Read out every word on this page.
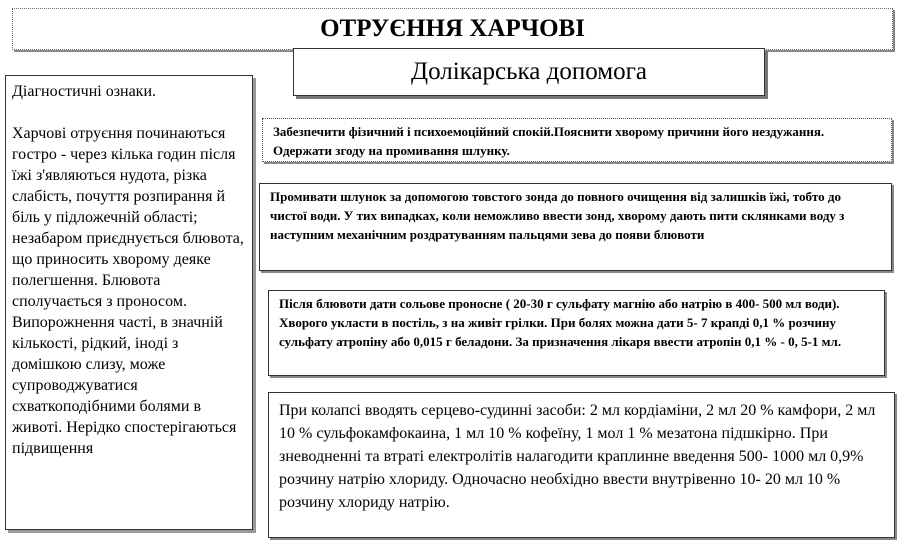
ОТРУЄННЯ ХАРЧОВІ
Долікарська допомога
Діагностичні ознаки.
Харчові отруєння починаються гостро - через кілька годин після їжі з'являються нудота, різка слабість, почуття розпирання й біль у підложечній області; незабаром приєднується блювота, що приносить хворому деяке полегшення. Блювота сполучається з проносом. Випорожнення часті, в значній кількості, рідкий, іноді з домішкою слизу, може супроводжуватися схваткоподібними болями в животі. Нерідко спостерігаються підвищення
Забезпечити фізичний і психоемоційний спокій.Пояснити хворому причини його нездужання. Одержати згоду на промивання шлунку.
Промивати шлунок за допомогою товстого зонда до повного очищення від залишків їжі, тобто до чистої води. У тих випадках, коли неможливо ввести зонд, хворому дають пити склянками воду з наступним механічним роздратуванням пальцями зева до появи блювоти
Після блювоти дати сольове проносне ( 20-30 г сульфату магнію або натрію в 400- 500 мл води). Хворого укласти в постіль, з на живіт грілки. При болях можна дати 5- 7 крапді 0,1 % розчину сульфату атропіну або 0,015 г беладони. За призначення лікаря ввести атропін 0,1 % - 0, 5-1 мл.
При колапсі вводять серцево-судинні засоби: 2 мл кордіаміни, 2 мл 20 % камфори, 2 мл 10 % сульфокамфокаина, 1 мл 10 % кофеїну, 1 мол 1 % мезатона підшкірно. При зневодненні та втраті електролітів налагодити краплинне введення 500- 1000 мл 0,9% розчину натрію хлориду. Одночасно необхідно ввести внутрівенно 10- 20 мл 10 % розчину хлориду натрію.
